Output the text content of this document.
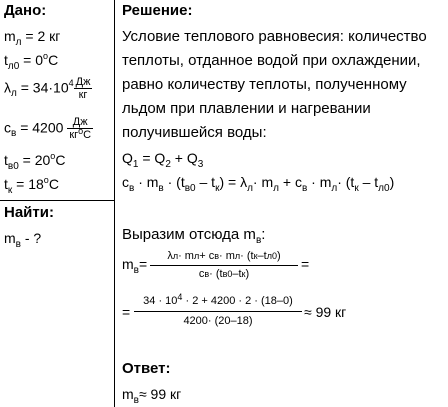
Дано:
$m_л = 2$ кг
$t_{л0} = 0^oC$
$\lambda_л = 34\cdot 10^4 \frac{Дж}{кг}$
$c_в = 4200 \frac{Дж}{кг^oC}$
$t_{в0} = 20^oC$
$t_к = 18^oC$
Найти:
$m_в$ - ?
Решение:
Условие теплового равновесия: количество
теплоты, отданное водой при охлаждении,
равно количеству теплоты, полученному
льдом при плавлении и нагревании
получившейся воды:
$Q_1 = Q_2 + Q_3$
$c_в \cdot m_в \cdot (t_{в0} - t_к) = \lambda_л\cdot m_л + c_в \cdot m_л\cdot (t_к - t_{л0})$
Выразим отсюда $m_в$:
$m_в=$	λл· mл+ cв· mл· (tк–tл0)
cв· (tв0–tк)
=
=
$34 \cdot 10^4 \cdot 2 + 4200 \cdot 2 \cdot (18-0)$
4200· (20–18)
≈ 99 кг
Ответ:
$m_в\approx 99$ кг
